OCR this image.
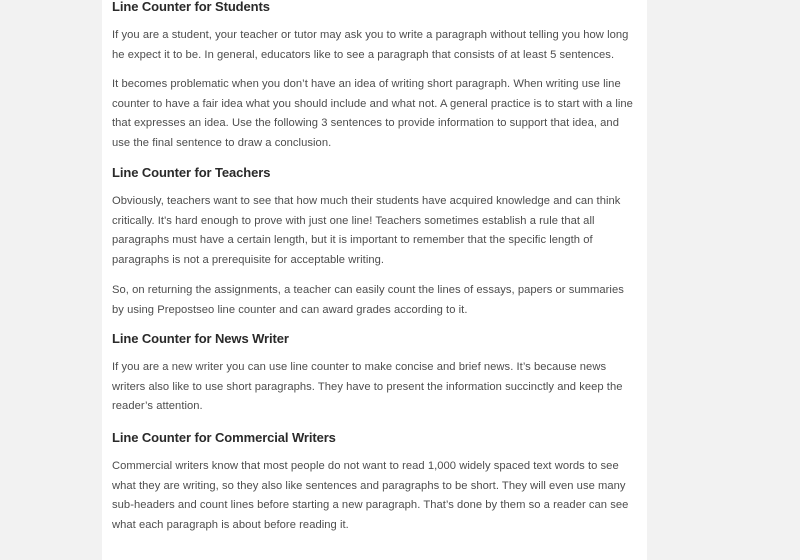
Line Counter for Students

If you are a student, your teacher or tutor may ask you to write a paragraph without telling you how long he expect it to be. In general, educators like to see a paragraph that consists of at least 5 sentences.

It becomes problematic when you don’t have an idea of writing short paragraph. When writing use line counter to have a fair idea what you should include and what not. A general practice is to start with a line that expresses an idea. Use the following 3 sentences to provide information to support that idea, and use the final sentence to draw a conclusion.

Line Counter for Teachers

Obviously, teachers want to see that how much their students have acquired knowledge and can think critically. It's hard enough to prove with just one line! Teachers sometimes establish a rule that all paragraphs must have a certain length, but it is important to remember that the specific length of paragraphs is not a prerequisite for acceptable writing.

So, on returning the assignments, a teacher can easily count the lines of essays, papers or summaries by using Prepostseo line counter and can award grades according to it.

Line Counter for News Writer

If you are a new writer you can use line counter to make concise and brief news. It’s because news writers also like to use short paragraphs. They have to present the information succinctly and keep the reader’s attention.

Line Counter for Commercial Writers

Commercial writers know that most people do not want to read 1,000 widely spaced text words to see what they are writing, so they also like sentences and paragraphs to be short. They will even use many sub-headers and count lines before starting a new paragraph. That’s done by them so a reader can see what each paragraph is about before reading it.
